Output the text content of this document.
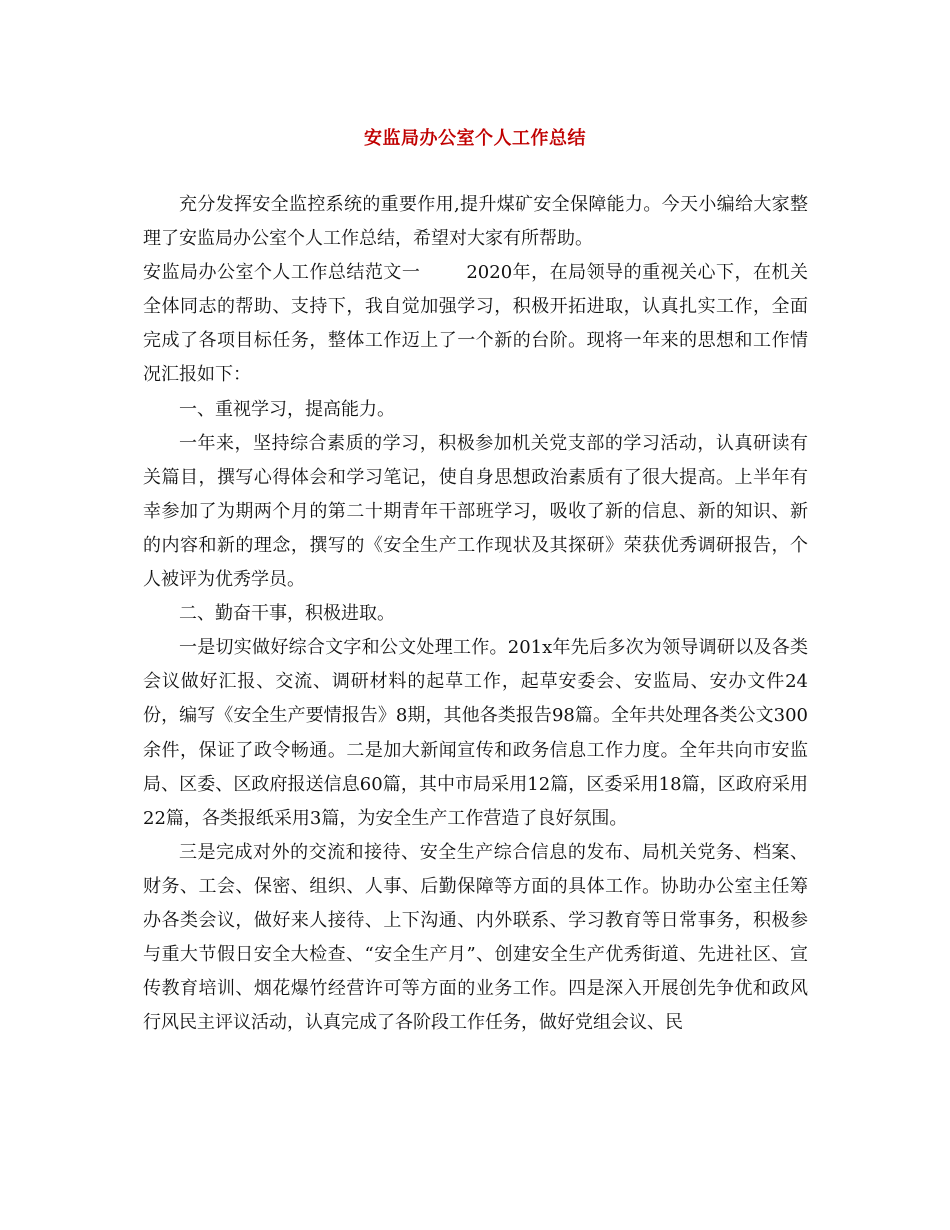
安监局办公室个人工作总结

充分发挥安全监控系统的重要作用,提升煤矿安全保障能力。今天小编给大家整理了安监局办公室个人工作总结，希望对大家有所帮助。

安监局办公室个人工作总结范文一	2020年，在局领导的重视关心下，在机关全体同志的帮助、支持下，我自觉加强学习，积极开拓进取，认真扎实工作，全面完成了各项目标任务，整体工作迈上了一个新的台阶。现将一年来的思想和工作情况汇报如下：

一、重视学习，提高能力。

一年来，坚持综合素质的学习，积极参加机关党支部的学习活动，认真研读有关篇目，撰写心得体会和学习笔记，使自身思想政治素质有了很大提高。上半年有幸参加了为期两个月的第二十期青年干部班学习，吸收了新的信息、新的知识、新的内容和新的理念，撰写的《安全生产工作现状及其探研》荣获优秀调研报告，个人被评为优秀学员。

二、勤奋干事，积极进取。

一是切实做好综合文字和公文处理工作。201x年先后多次为领导调研以及各类会议做好汇报、交流、调研材料的起草工作，起草安委会、安监局、安办文件24份，编写《安全生产要情报告》8期，其他各类报告98篇。全年共处理各类公文300余件，保证了政令畅通。二是加大新闻宣传和政务信息工作力度。全年共向市安监局、区委、区政府报送信息60篇，其中市局采用12篇，区委采用18篇，区政府采用22篇，各类报纸采用3篇，为安全生产工作营造了良好氛围。

三是完成对外的交流和接待、安全生产综合信息的发布、局机关党务、档案、财务、工会、保密、组织、人事、后勤保障等方面的具体工作。协助办公室主任筹办各类会议，做好来人接待、上下沟通、内外联系、学习教育等日常事务，积极参与重大节假日安全大检查、“安全生产月”、创建安全生产优秀街道、先进社区、宣传教育培训、烟花爆竹经营许可等方面的业务工作。四是深入开展创先争优和政风行风民主评议活动，认真完成了各阶段工作任务，做好党组会议、民
